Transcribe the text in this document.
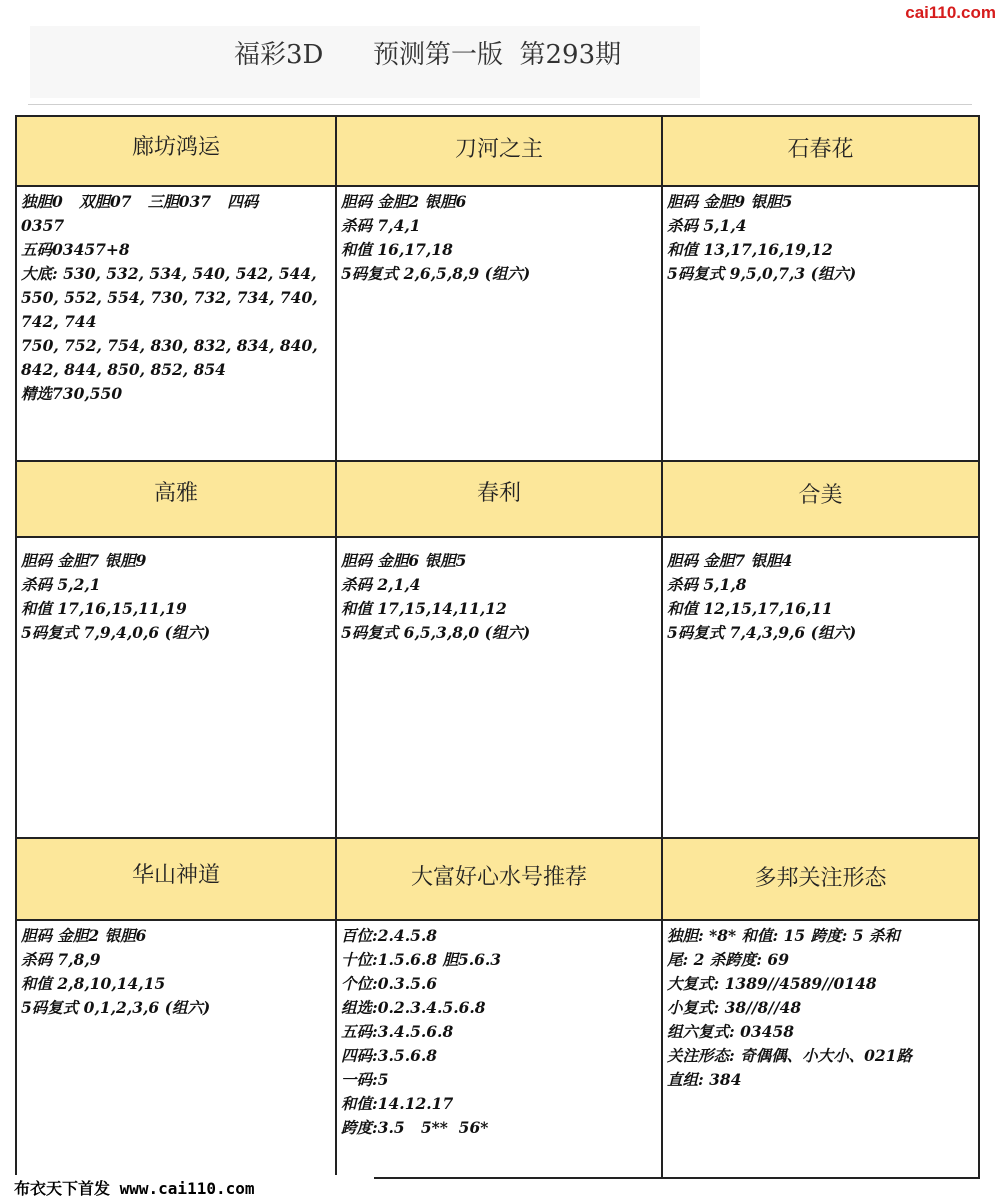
cai110.com
福彩3D      预测第一版  第293期
廊坊鸿运
独胆0   双胆07   三胆037   四码
0357
五码03457+8
大底: 530, 532, 534, 540, 542, 544,
550, 552, 554, 730, 732, 734, 740,
742, 744
750, 752, 754, 830, 832, 834, 840,
842, 844, 850, 852, 854
精选730,550
刀河之主
胆码 金胆2 银胆6
杀码 7,4,1
和值 16,17,18
5码复式 2,6,5,8,9 (组六)
石春花
胆码 金胆9 银胆5
杀码 5,1,4
和值 13,17,16,19,12
5码复式 9,5,0,7,3 (组六)
高雅
胆码 金胆7 银胆9
杀码 5,2,1
和值 17,16,15,11,19
5码复式 7,9,4,0,6 (组六)
春利
胆码 金胆6 银胆5
杀码 2,1,4
和值 17,15,14,11,12
5码复式 6,5,3,8,0 (组六)
合美
胆码 金胆7 银胆4
杀码 5,1,8
和值 12,15,17,16,11
5码复式 7,4,3,9,6 (组六)
华山神道
胆码 金胆2 银胆6
杀码 7,8,9
和值 2,8,10,14,15
5码复式 0,1,2,3,6 (组六)
大富好心水号推荐
百位:2.4.5.8
十位:1.5.6.8 胆5.6.3
个位:0.3.5.6
组选:0.2.3.4.5.6.8
五码:3.4.5.6.8
四码:3.5.6.8
一码:5
和值:14.12.17
跨度:3.5   5**  56*
多邦关注形态
独胆: *8* 和值: 15 跨度: 5 杀和
尾: 2 杀跨度: 69
大复式: 1389//4589//0148
小复式: 38//8//48
组六复式: 03458
关注形态: 奇偶偶、小大小、021路
直组: 384
布衣天下首发 www.cai110.com
